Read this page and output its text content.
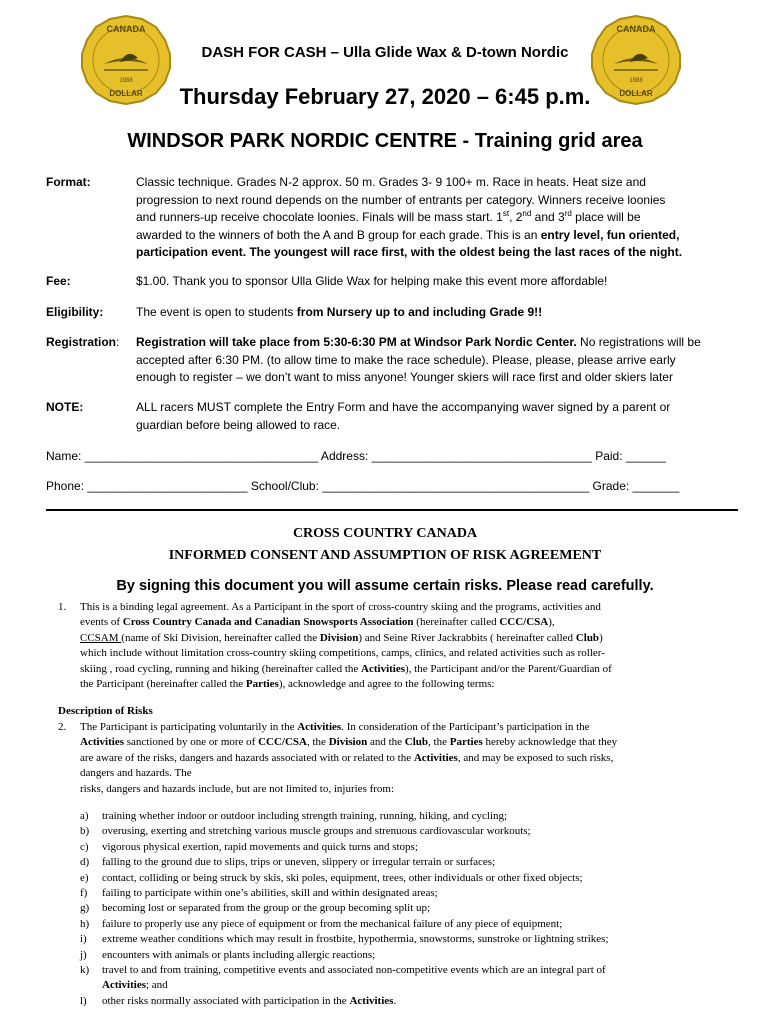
CANADA
1988
DOLLAR
CANADA
1988
DOLLAR
DASH FOR CASH – Ulla Glide Wax & D-town Nordic
Thursday February 27, 2020 – 6:45 p.m.
WINDSOR PARK NORDIC CENTRE - Training grid area
Format:	Classic technique. Grades N-2 approx. 50 m. Grades 3- 9 100+ m. Race in heats. Heat size and
progression to next round depends on the number of entrants per category. Winners receive loonies
and runners-up receive chocolate loonies. Finals will be mass start. 1st, 2nd and 3rd place will be
awarded to the winners of both the A and B group for each grade. This is an entry level, fun oriented,
participation event. The youngest will race first, with the oldest being the last races of the night.
Fee:	$1.00. Thank you to sponsor Ulla Glide Wax for helping make this event more affordable!
Eligibility:	The event is open to students from Nursery up to and including Grade 9!!
Registration: Registration will take place from 5:30-6:30 PM at Windsor Park Nordic Center. No registrations will be
accepted after 6:30 PM. (to allow time to make the race schedule). Please, please, please arrive early
enough to register – we don’t want to miss anyone! Younger skiers will race first and older skiers later
NOTE:	ALL racers MUST complete the Entry Form and have the accompanying waver signed by a parent or
guardian before being allowed to race.
Name: ___________________________________ Address: _________________________________ Paid: ______
Phone: ________________________ School/Club: ________________________________________ Grade: _______
CROSS COUNTRY CANADA
INFORMED CONSENT AND ASSUMPTION OF RISK AGREEMENT
By signing this document you will assume certain risks. Please read carefully.
1. This is a binding legal agreement. As a Participant in the sport of cross-country skiing and the programs, activities and
events of Cross Country Canada and Canadian Snowsports Association (hereinafter called CCC/CSA),
CCSAM (name of Ski Division, hereinafter called the Division) and Seine River Jackrabbits ( hereinafter called Club)
which include without limitation cross-country skiing competitions, camps, clinics, and related activities such as roller-
skiing , road cycling, running and hiking (hereinafter called the Activities), the Participant and/or the Parent/Guardian of
the Participant (hereinafter called the Parties), acknowledge and agree to the following terms:
Description of Risks
2. The Participant is participating voluntarily in the Activities. In consideration of the Participant’s participation in the
Activities sanctioned by one or more of CCC/CSA, the Division and the Club, the Parties hereby acknowledge that they
are aware of the risks, dangers and hazards associated with or related to the Activities, and may be exposed to such risks,
dangers and hazards. The
risks, dangers and hazards include, but are not limited to, injuries from:
a) training whether indoor or outdoor including strength training, running, hiking, and cycling;
b) overusing, exerting and stretching various muscle groups and strenuous cardiovascular workouts;
c) vigorous physical exertion, rapid movements and quick turns and stops;
d) falling to the ground due to slips, trips or uneven, slippery or irregular terrain or surfaces;
e) contact, colliding or being struck by skis, ski poles, equipment, trees, other individuals or other fixed objects;
f) failing to participate within one’s abilities, skill and within designated areas;
g) becoming lost or separated from the group or the group becoming split up;
h) failure to properly use any piece of equipment or from the mechanical failure of any piece of equipment;
i) extreme weather conditions which may result in frostbite, hypothermia, snowstorms, sunstroke or lightning strikes;
j) encounters with animals or plants including allergic reactions;
k) travel to and from training, competitive events and associated non-competitive events which are an integral part of
Activities; and
l) other risks normally associated with participation in the Activities.
